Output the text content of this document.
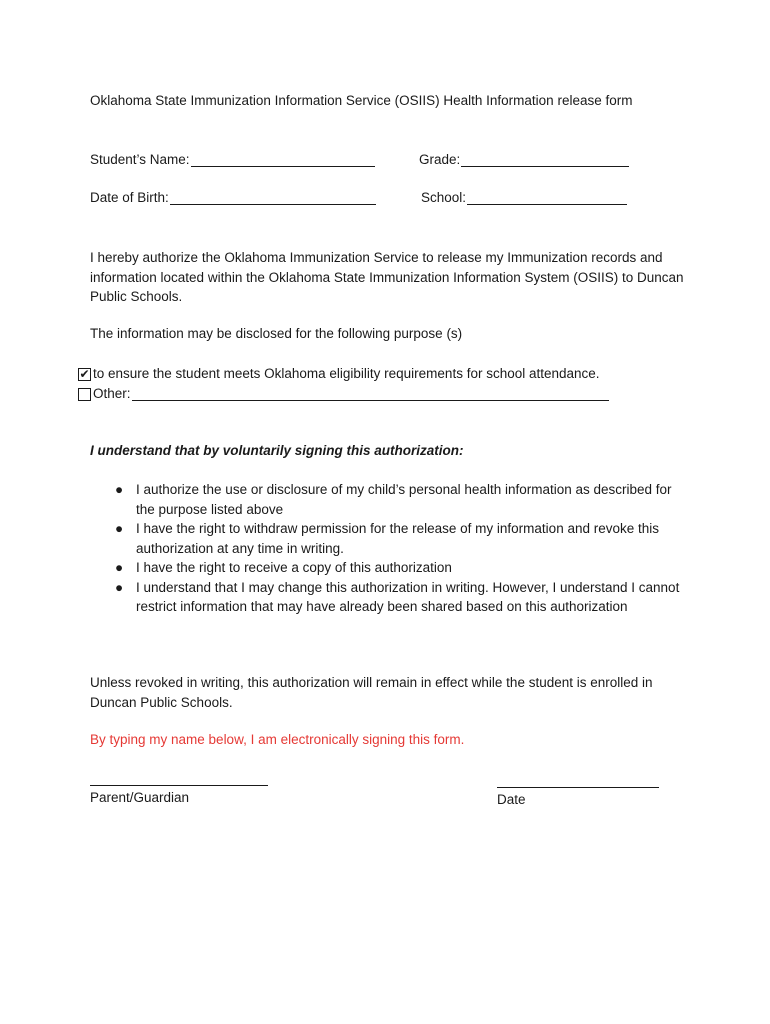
Oklahoma State Immunization Information Service (OSIIS) Health Information release form
Student’s Name:	Grade:
Date of Birth:	School:
I hereby authorize the Oklahoma Immunization Service to release my Immunization records and information located within the Oklahoma State Immunization Information System (OSIIS) to Duncan Public Schools.
The information may be disclosed for the following purpose (s)
✔ to ensure the student meets Oklahoma eligibility requirements for school attendance.
Other:
I understand that by voluntarily signing this authorization:
● I authorize the use or disclosure of my child’s personal health information as described for the purpose listed above
● I have the right to withdraw permission for the release of my information and revoke this authorization at any time in writing.
● I have the right to receive a copy of this authorization
● I understand that I may change this authorization in writing. However, I understand I cannot restrict information that may have already been shared based on this authorization
Unless revoked in writing, this authorization will remain in effect while the student is enrolled in Duncan Public Schools.
By typing my name below, I am electronically signing this form.
Parent/Guardian	Date
